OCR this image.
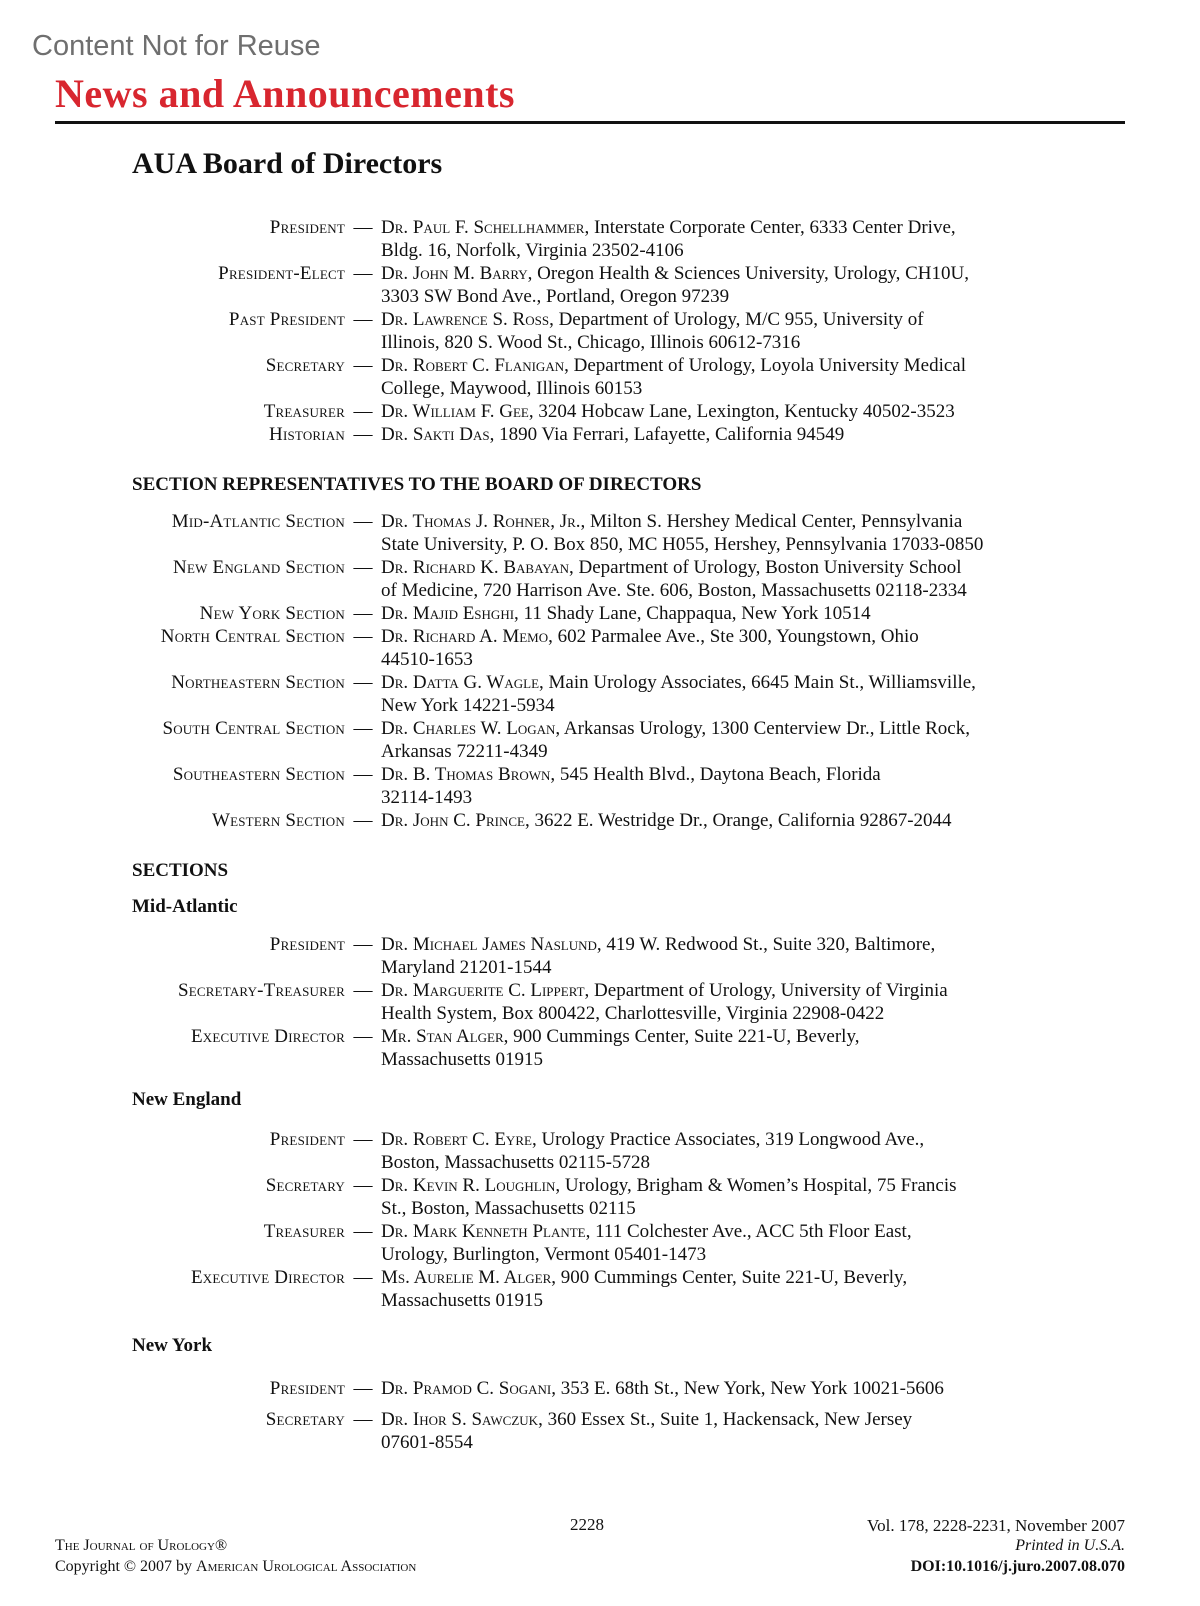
Content Not for Reuse
News and Announcements
AUA Board of Directors
President — Dr. Paul F. Schellhammer, Interstate Corporate Center, 6333 Center Drive,
Bldg. 16, Norfolk, Virginia 23502-4106
President-Elect — Dr. John M. Barry, Oregon Health & Sciences University, Urology, CH10U,
3303 SW Bond Ave., Portland, Oregon 97239
Past President — Dr. Lawrence S. Ross, Department of Urology, M/C 955, University of
Illinois, 820 S. Wood St., Chicago, Illinois 60612-7316
Secretary — Dr. Robert C. Flanigan, Department of Urology, Loyola University Medical
College, Maywood, Illinois 60153
Treasurer — Dr. William F. Gee, 3204 Hobcaw Lane, Lexington, Kentucky 40502-3523
Historian — Dr. Sakti Das, 1890 Via Ferrari, Lafayette, California 94549
SECTION REPRESENTATIVES TO THE BOARD OF DIRECTORS
Mid-Atlantic Section — Dr. Thomas J. Rohner, Jr., Milton S. Hershey Medical Center, Pennsylvania
State University, P. O. Box 850, MC H055, Hershey, Pennsylvania 17033-0850
New England Section — Dr. Richard K. Babayan, Department of Urology, Boston University School
of Medicine, 720 Harrison Ave. Ste. 606, Boston, Massachusetts 02118-2334
New York Section — Dr. Majid Eshghi, 11 Shady Lane, Chappaqua, New York 10514
North Central Section — Dr. Richard A. Memo, 602 Parmalee Ave., Ste 300, Youngstown, Ohio
44510-1653
Northeastern Section — Dr. Datta G. Wagle, Main Urology Associates, 6645 Main St., Williamsville,
New York 14221-5934
South Central Section — Dr. Charles W. Logan, Arkansas Urology, 1300 Centerview Dr., Little Rock,
Arkansas 72211-4349
Southeastern Section — Dr. B. Thomas Brown, 545 Health Blvd., Daytona Beach, Florida
32114-1493
Western Section — Dr. John C. Prince, 3622 E. Westridge Dr., Orange, California 92867-2044
SECTIONS
Mid-Atlantic
President — Dr. Michael James Naslund, 419 W. Redwood St., Suite 320, Baltimore,
Maryland 21201-1544
Secretary-Treasurer — Dr. Marguerite C. Lippert, Department of Urology, University of Virginia
Health System, Box 800422, Charlottesville, Virginia 22908-0422
Executive Director — Mr. Stan Alger, 900 Cummings Center, Suite 221-U, Beverly,
Massachusetts 01915
New England
President — Dr. Robert C. Eyre, Urology Practice Associates, 319 Longwood Ave.,
Boston, Massachusetts 02115-5728
Secretary — Dr. Kevin R. Loughlin, Urology, Brigham & Women’s Hospital, 75 Francis
St., Boston, Massachusetts 02115
Treasurer — Dr. Mark Kenneth Plante, 111 Colchester Ave., ACC 5th Floor East,
Urology, Burlington, Vermont 05401-1473
Executive Director — Ms. Aurelie M. Alger, 900 Cummings Center, Suite 221-U, Beverly,
Massachusetts 01915
New York
President — Dr. Pramod C. Sogani, 353 E. 68th St., New York, New York 10021-5606
Secretary — Dr. Ihor S. Sawczuk, 360 Essex St., Suite 1, Hackensack, New Jersey
07601-8554
2228
The Journal of Urology®
Copyright © 2007 by American Urological Association
Vol. 178, 2228-2231, November 2007
Printed in U.S.A.
DOI:10.1016/j.juro.2007.08.070
